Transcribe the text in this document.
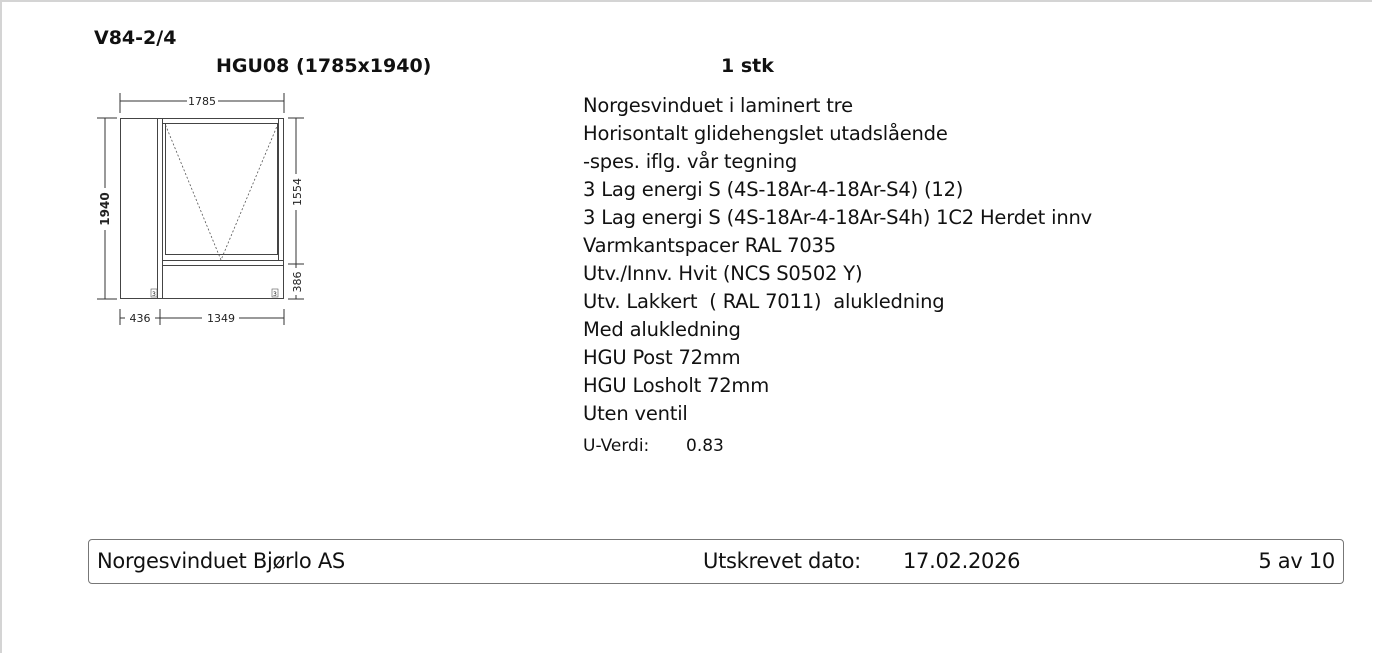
V84-2/4
HGU08 (1785x1940)	1 stk
3	3
1785
1940
1554
386
436	1349
Norgesvinduet i laminert tre
Horisontalt glidehengslet utadslående
-spes. iflg. vår tegning
3 Lag energi S (4S-18Ar-4-18Ar-S4) (12)
3 Lag energi S (4S-18Ar-4-18Ar-S4h) 1C2 Herdet innv
Varmkantspacer RAL 7035
Utv./Innv. Hvit (NCS S0502 Y)
Utv. Lakkert  ( RAL 7011)  alukledning
Med alukledning
HGU Post 72mm
HGU Losholt 72mm
Uten ventil
U-Verdi: 0.83
Norgesvinduet Bjørlo AS	Utskrevet dato: 17.02.2026	5 av 10
